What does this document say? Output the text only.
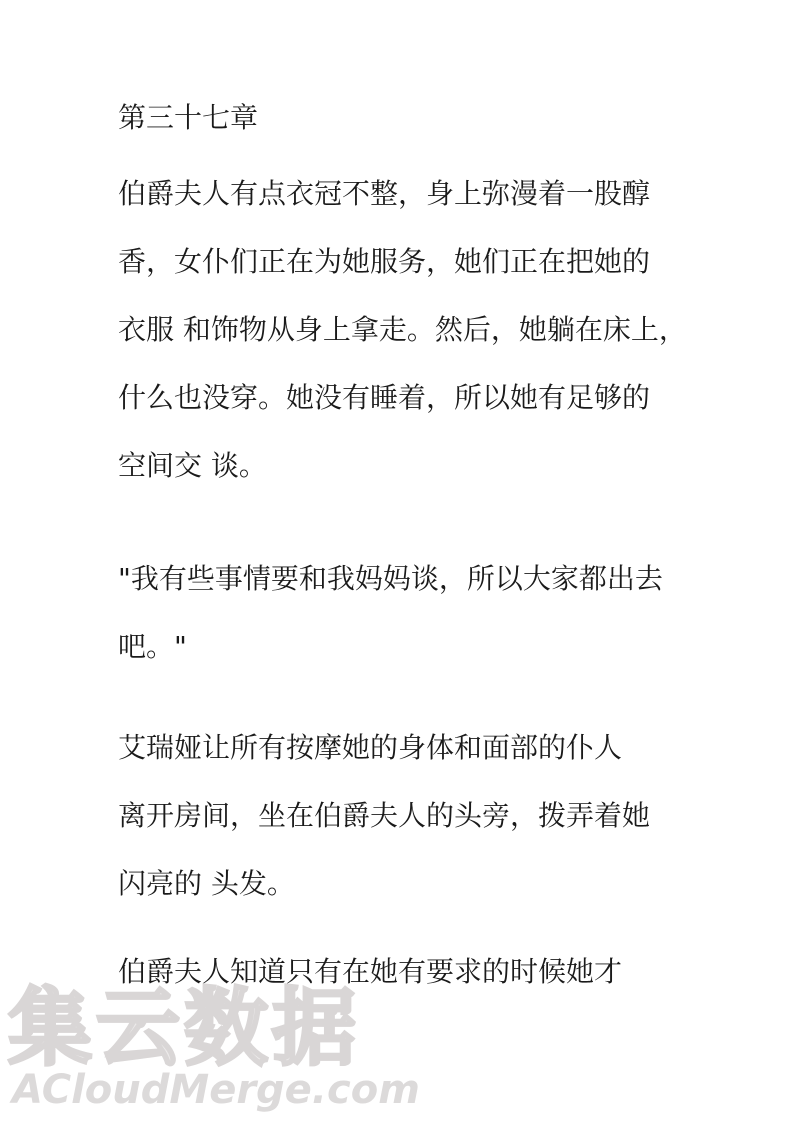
第三十七章
伯爵夫人有点衣冠不整，身上弥漫着一股醇
香，女仆们正在为她服务，她们正在把她的
衣服 和饰物从身上拿走。然后，她躺在床上，
什么也没穿。她没有睡着，所以她有足够的
空间交 谈。
"我有些事情要和我妈妈谈，所以大家都出去
吧。"
艾瑞娅让所有按摩她的身体和面部的仆人
离开房间，坐在伯爵夫人的头旁，拨弄着她
闪亮的 头发。
伯爵夫人知道只有在她有要求的时候她才
集云数据
ACloudMerge.com
